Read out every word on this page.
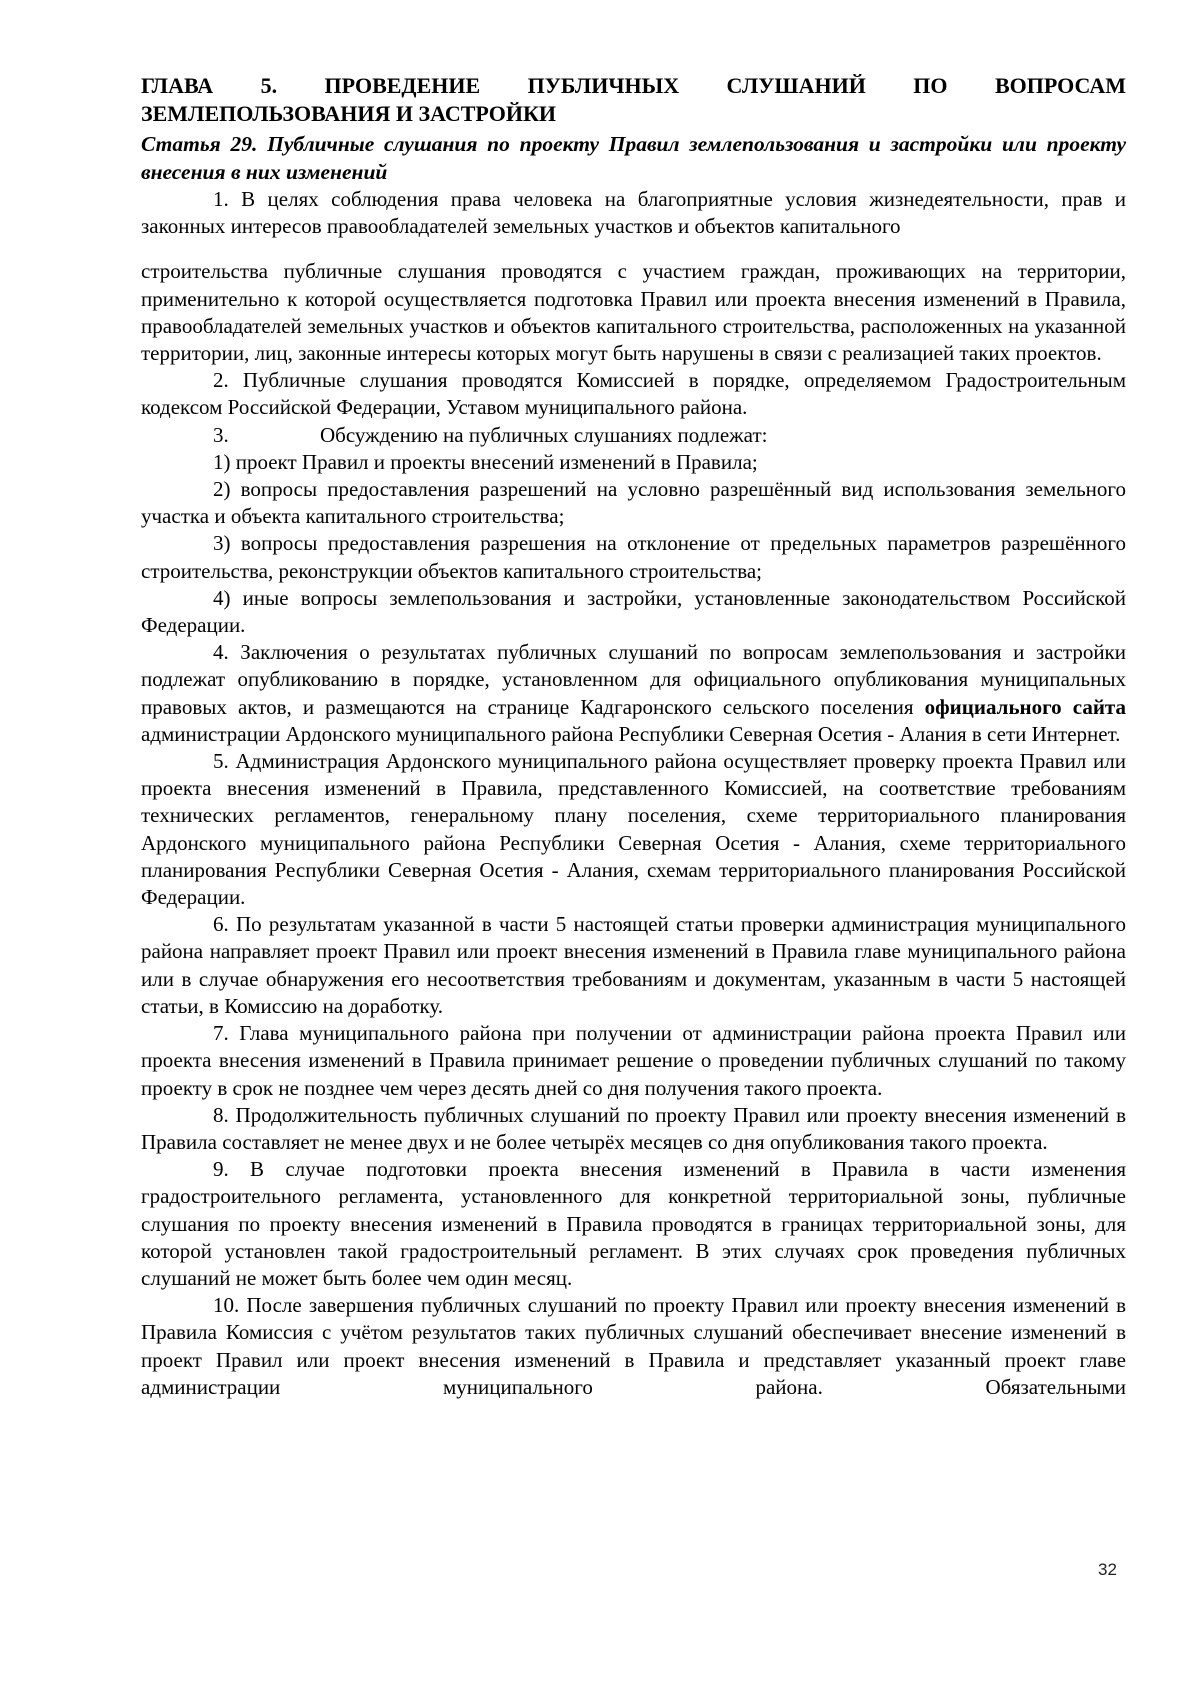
ГЛАВА 5. ПРОВЕДЕНИЕ ПУБЛИЧНЫХ СЛУШАНИЙ ПО ВОПРОСАМ
ЗЕМЛЕПОЛЬЗОВАНИЯ И ЗАСТРОЙКИ

Статья 29. Публичные слушания по проекту Правил землепользования и застройки или проекту внесения в них изменений

1. В целях соблюдения права человека на благоприятные условия жизнедеятельности, прав и законных интересов правообладателей земельных участков и объектов капитального

строительства публичные слушания проводятся с участием граждан, проживающих на территории, применительно к которой осуществляется подготовка Правил или проекта внесения изменений в Правила, правообладателей земельных участков и объектов капитального строительства, расположенных на указанной территории, лиц, законные интересы которых могут быть нарушены в связи с реализацией таких проектов.

2. Публичные слушания проводятся Комиссией в порядке, определяемом Градостроительным кодексом Российской Федерации, Уставом муниципального района.

3.	Обсуждению на публичных слушаниях подлежат:

1) проект Правил и проекты внесений изменений в Правила;

2) вопросы предоставления разрешений на условно разрешённый вид использования земельного участка и объекта капитального строительства;

3) вопросы предоставления разрешения на отклонение от предельных параметров разрешённого строительства, реконструкции объектов капитального строительства;

4) иные вопросы землепользования и застройки, установленные законодательством Российской Федерации.

4. Заключения о результатах публичных слушаний по вопросам землепользования и застройки подлежат опубликованию в порядке, установленном для официального опубликования муниципальных правовых актов, и размещаются на странице Кадгаронского сельского поселения официального сайта администрации Ардонского муниципального района Республики Северная Осетия - Алания в сети Интернет.

5. Администрация Ардонского муниципального района осуществляет проверку проекта Правил или проекта внесения изменений в Правила, представленного Комиссией, на соответствие требованиям технических регламентов, генеральному плану поселения, схеме территориального планирования Ардонского муниципального района Республики Северная Осетия - Алания, схеме территориального планирования Республики Северная Осетия - Алания, схемам территориального планирования Российской Федерации.

6. По результатам указанной в части 5 настоящей статьи проверки администрация муниципального района направляет проект Правил или проект внесения изменений в Правила главе муниципального района или в случае обнаружения его несоответствия требованиям и документам, указанным в части 5 настоящей статьи, в Комиссию на доработку.

7. Глава муниципального района при получении от администрации района проекта Правил или проекта внесения изменений в Правила принимает решение о проведении публичных слушаний по такому проекту в срок не позднее чем через десять дней со дня получения такого проекта.

8. Продолжительность публичных слушаний по проекту Правил или проекту внесения изменений в Правила составляет не менее двух и не более четырёх месяцев со дня опубликования такого проекта.

9. В случае подготовки проекта внесения изменений в Правила в части изменения градостроительного регламента, установленного для конкретной территориальной зоны, публичные слушания по проекту внесения изменений в Правила проводятся в границах территориальной зоны, для которой установлен такой градостроительный регламент. В этих случаях срок проведения публичных слушаний не может быть более чем один месяц.

10. После завершения публичных слушаний по проекту Правил или проекту внесения изменений в Правила Комиссия с учётом результатов таких публичных слушаний обеспечивает внесение изменений в проект Правил или проект внесения изменений в Правила и представляет указанный проект главе администрации муниципального района. Обязательными

32
